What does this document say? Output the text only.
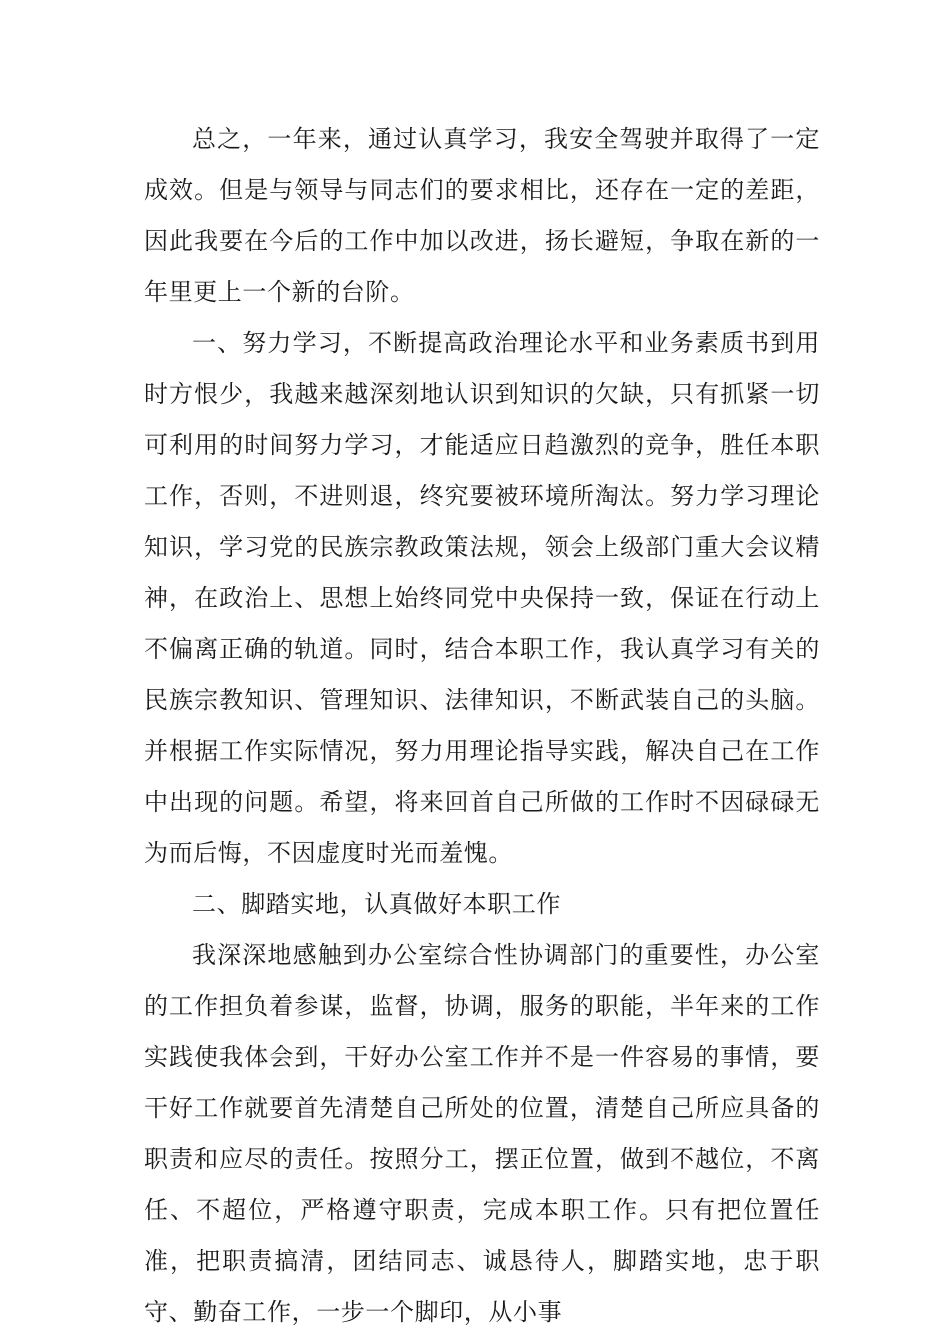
总之，一年来，通过认真学习，我安全驾驶并取得了一定成效。但是与领导与同志们的要求相比，还存在一定的差距，因此我要在今后的工作中加以改进，扬长避短，争取在新的一年里更上一个新的台阶。

一、努力学习，不断提高政治理论水平和业务素质书到用时方恨少，我越来越深刻地认识到知识的欠缺，只有抓紧一切可利用的时间努力学习，才能适应日趋激烈的竞争，胜任本职工作，否则，不进则退，终究要被环境所淘汰。努力学习理论知识，学习党的民族宗教政策法规，领会上级部门重大会议精神，在政治上、思想上始终同党中央保持一致，保证在行动上不偏离正确的轨道。同时，结合本职工作，我认真学习有关的民族宗教知识、管理知识、法律知识，不断武装自己的头脑。并根据工作实际情况，努力用理论指导实践，解决自己在工作中出现的问题。希望，将来回首自己所做的工作时不因碌碌无为而后悔，不因虚度时光而羞愧。

二、脚踏实地，认真做好本职工作

我深深地感触到办公室综合性协调部门的重要性，办公室的工作担负着参谋，监督，协调，服务的职能，半年来的工作实践使我体会到，干好办公室工作并不是一件容易的事情，要干好工作就要首先清楚自己所处的位置，清楚自己所应具备的职责和应尽的责任。按照分工，摆正位置，做到不越位，不离任、不超位，严格遵守职责，完成本职工作。只有把位置任准，把职责搞清，团结同志、诚恳待人，脚踏实地，忠于职守、勤奋工作，一步一个脚印，从小事
